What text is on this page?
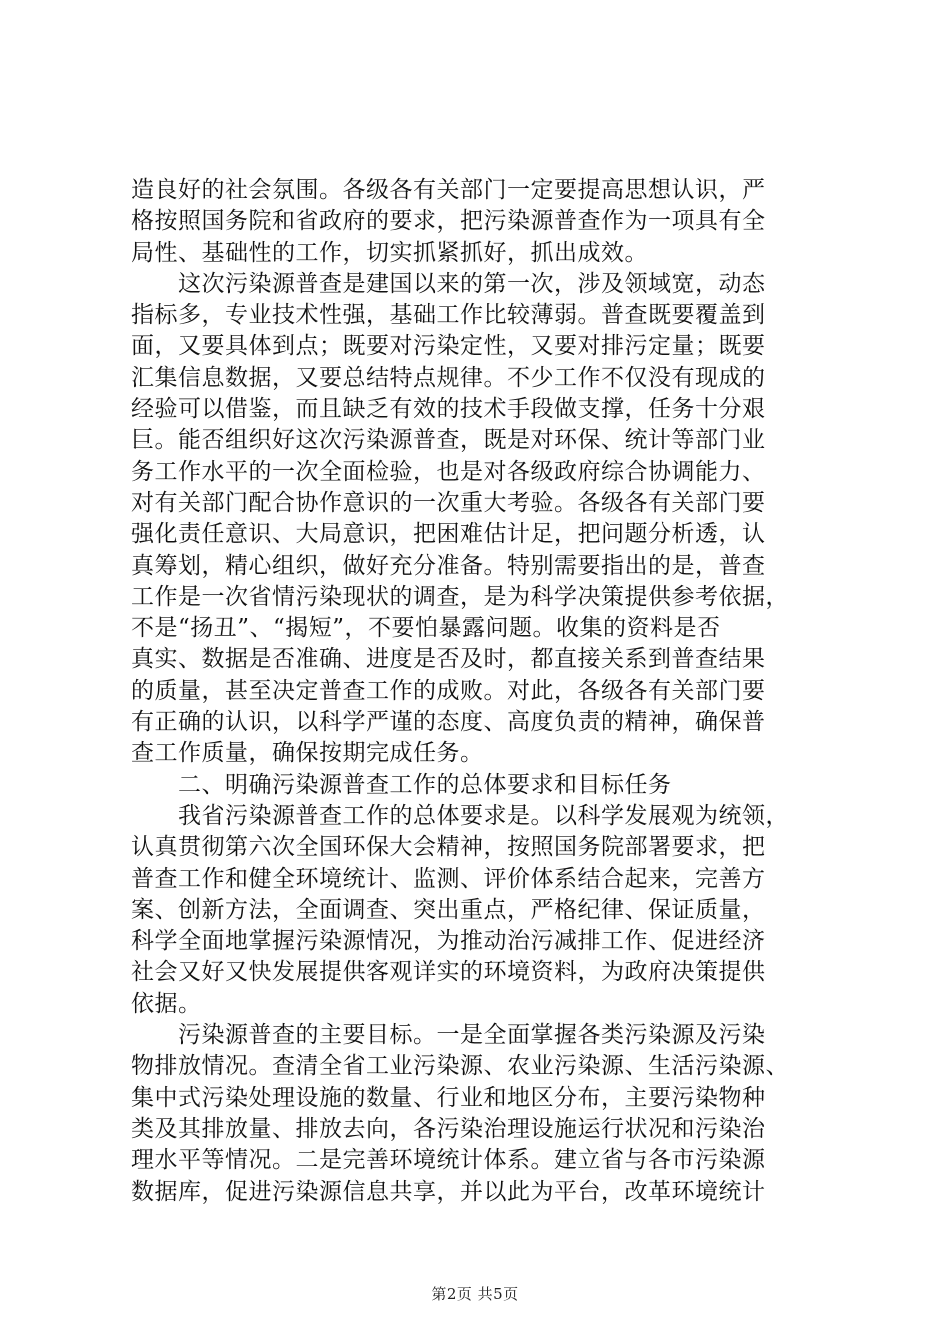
造良好的社会氛围。各级各有关部门一定要提高思想认识，严
格按照国务院和省政府的要求，把污染源普查作为一项具有全
局性、基础性的工作，切实抓紧抓好，抓出成效。
　　这次污染源普查是建国以来的第一次，涉及领域宽，动态
指标多，专业技术性强，基础工作比较薄弱。普查既要覆盖到
面，又要具体到点；既要对污染定性，又要对排污定量；既要
汇集信息数据，又要总结特点规律。不少工作不仅没有现成的
经验可以借鉴，而且缺乏有效的技术手段做支撑，任务十分艰
巨。能否组织好这次污染源普查，既是对环保、统计等部门业
务工作水平的一次全面检验，也是对各级政府综合协调能力、
对有关部门配合协作意识的一次重大考验。各级各有关部门要
强化责任意识、大局意识，把困难估计足，把问题分析透，认
真筹划，精心组织，做好充分准备。特别需要指出的是，普查
工作是一次省情污染现状的调查，是为科学决策提供参考依据，
不是“扬丑”、“揭短”，不要怕暴露问题。收集的资料是否
真实、数据是否准确、进度是否及时，都直接关系到普查结果
的质量，甚至决定普查工作的成败。对此，各级各有关部门要
有正确的认识，以科学严谨的态度、高度负责的精神，确保普
查工作质量，确保按期完成任务。
　　二、明确污染源普查工作的总体要求和目标任务
　　我省污染源普查工作的总体要求是。以科学发展观为统领，
认真贯彻第六次全国环保大会精神，按照国务院部署要求，把
普查工作和健全环境统计、监测、评价体系结合起来，完善方
案、创新方法，全面调查、突出重点，严格纪律、保证质量，
科学全面地掌握污染源情况，为推动治污减排工作、促进经济
社会又好又快发展提供客观详实的环境资料，为政府决策提供
依据。
　　污染源普查的主要目标。一是全面掌握各类污染源及污染
物排放情况。查清全省工业污染源、农业污染源、生活污染源、
集中式污染处理设施的数量、行业和地区分布，主要污染物种
类及其排放量、排放去向，各污染治理设施运行状况和污染治
理水平等情况。二是完善环境统计体系。建立省与各市污染源
数据库，促进污染源信息共享，并以此为平台，改革环境统计
第2页 共5页
